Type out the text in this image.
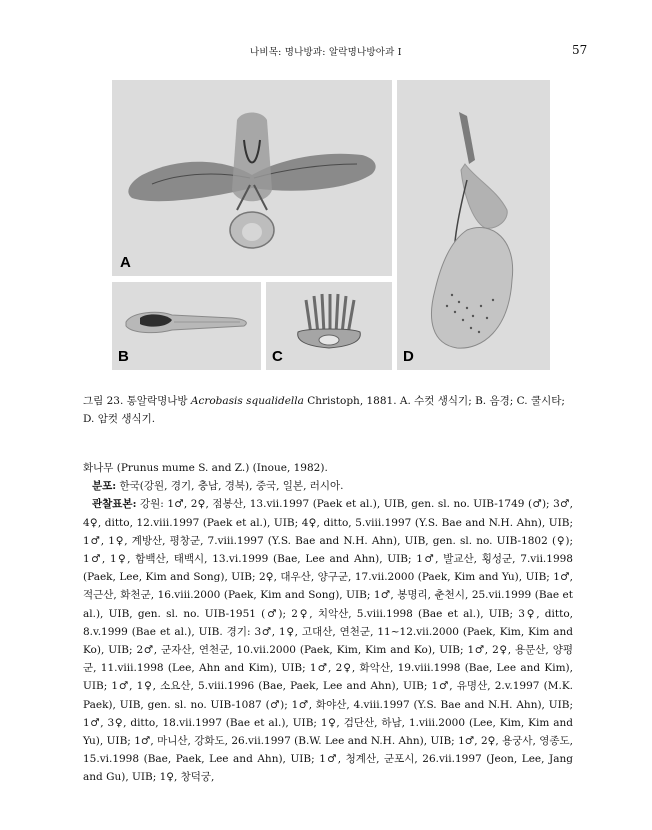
나비목: 명나방과: 알락명나방아과 I	57
A
B	C	D
그림 23. 통알락명나방 Acrobasis squalidella Christoph, 1881. A. 수컷 생식기; B. 음경; C. 쿨시타; D. 암컷 생식기.

화나무 (Prunus mume S. and Z.) (Inoue, 1982).

분포: 한국(강원, 경기, 충남, 경북), 중국, 일본, 러시아.

관찰표본: 강원: 1♂, 2♀, 점봉산, 13.vii.1997 (Paek et al.), UIB, gen. sl. no. UIB-1749 (♂); 3♂, 4♀, ditto, 12.viii.1997 (Paek et al.), UIB; 4♀, ditto, 5.viii.1997 (Y.S. Bae and N.H. Ahn), UIB; 1♂, 1♀, 계방산, 평창군, 7.viii.1997 (Y.S. Bae and N.H. Ahn), UIB, gen. sl. no. UIB-1802 (♀); 1♂, 1♀, 함백산, 태백시, 13.vi.1999 (Bae, Lee and Ahn), UIB; 1♂, 발교산, 횡성군, 7.vii.1998 (Paek, Lee, Kim and Song), UIB; 2♀, 대우산, 양구군, 17.vii.2000 (Paek, Kim and Yu), UIB; 1♂, 적근산, 화천군, 16.viii.2000 (Paek, Kim and Song), UIB; 1♂, 봉명리, 춘천시, 25.vii.1999 (Bae et al.), UIB, gen. sl. no. UIB-1951 (♂); 2♀, 치악산, 5.viii.1998 (Bae et al.), UIB; 3♀, ditto, 8.v.1999 (Bae et al.), UIB. 경기: 3♂, 1♀, 고대산, 연천군, 11~12.vii.2000 (Paek, Kim, Kim and Ko), UIB; 2♂, 군자산, 연천군, 10.vii.2000 (Paek, Kim, Kim and Ko), UIB; 1♂, 2♀, 용문산, 양평군, 11.viii.1998 (Lee, Ahn and Kim), UIB; 1♂, 2♀, 화악산, 19.viii.1998 (Bae, Lee and Kim), UIB; 1♂, 1♀, 소요산, 5.viii.1996 (Bae, Paek, Lee and Ahn), UIB; 1♂, 유명산, 2.v.1997 (M.K. Paek), UIB, gen. sl. no. UIB-1087 (♂); 1♂, 화야산, 4.viii.1997 (Y.S. Bae and N.H. Ahn), UIB; 1♂, 3♀, ditto, 18.vii.1997 (Bae et al.), UIB; 1♀, 검단산, 하남, 1.viii.2000 (Lee, Kim, Kim and Yu), UIB; 1♂, 마니산, 강화도, 26.vii.1997 (B.W. Lee and N.H. Ahn), UIB; 1♂, 2♀, 용궁사, 영종도, 15.vi.1998 (Bae, Paek, Lee and Ahn), UIB; 1♂, 청계산, 군포시, 26.vii.1997 (Jeon, Lee, Jang and Gu), UIB; 1♀, 창덕궁,
